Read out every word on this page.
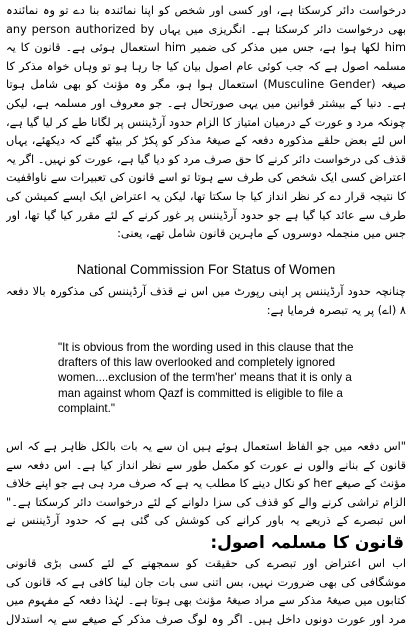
درخواست دائر کرسکتا ہے، اور کسی اور شخص کو اپنا نمائندہ بنا دے تو وہ نمائندہ بھی درخواست دائر کرسکتا ہے۔ انگریزی میں یہاں any person authorized by him لکھا ہوا ہے، جس میں مذکر کی ضمیر him استعمال ہوئی ہے۔ قانون کا یہ مسلمہ اصول ہے کہ جب کوئی عام اصول بیان کیا جا رہا ہو تو وہاں خواہ مذکر کا صیغہ (Musculine Gender) استعمال ہوا ہو، مگر وہ مؤنث کو بھی شامل ہوتا ہے۔ دنیا کے بیشتر قوانین میں یہی صورتحال ہے۔ جو معروف اور مسلمہ ہے، لیکن چونکہ مرد و عورت کے درمیان امتیاز کا الزام حدود آرڈیننس پر لگانا طے کر لیا گیا ہے، اس لئے بعض حلقے مذکورہ دفعہ کے صیغۂ مذکر کو پکڑ کر بیٹھ گئے کہ دیکھئے، یہاں قذف کی درخواست دائر کرنے کا حق صرف مرد کو دیا گیا ہے، عورت کو نہیں۔ اگر یہ اعتراض کسی ایک شخص کی طرف سے ہوتا تو اسے قانون کی تعبیرات سے ناواقفیت کا نتیجہ قرار دے کر نظر انداز کیا جا سکتا تھا، لیکن یہ اعتراض ایک ایسے کمیشن کی طرف سے عائد کیا گیا ہے جو حدود آرڈیننس پر غور کرنے کے لئے مقرر کیا گیا تھا، اور جس میں منجملہ دوسروں کے ماہرین قانون شامل تھے، یعنی:
National Commission For Status of Women
چنانچہ حدود آرڈیننس پر اپنی رپورٹ میں اس نے قذف آرڈیننس کی مذکورہ بالا دفعہ ۸ (اے) پر یہ تبصرہ فرمایا ہے:
"It is obvious from the wording used in this clause that the drafters of this law overlooked and completely ignored women....exclusion of the term'her' means that it is only a man against whom Qazf is committed is eligible to file a complaint."
"اس دفعہ میں جو الفاظ استعمال ہوئے ہیں ان سے یہ بات بالکل ظاہر ہے کہ اس قانون کے بنانے والوں نے عورت کو مکمل طور سے نظر انداز کیا ہے۔ اس دفعہ سے مؤنث کے صیغے her کو نکال دینے کا مطلب یہ ہے کہ صرف مرد ہی ہے جو اپنے خلاف الزام تراشی کرنے والے کو قذف کی سزا دلوانے کے لئے درخواست دائر کرسکتا ہے۔" اس تبصرے کے ذریعے یہ باور کرانے کی کوشش کی گئی ہے کہ حدود آرڈیننس نے
قانون کا مسلمہ اصول:
اب اس اعتراض اور تبصرے کی حقیقت کو سمجھنے کے لئے کسی بڑی قانونی موشگافی کی بھی ضرورت نہیں، بس اتنی سی بات جان لینا کافی ہے کہ قانون کی کتابوں میں صیغۂ مذکر سے مراد صیغۂ مؤنث بھی ہوتا ہے۔ لہٰذا دفعہ کے مفہوم میں مرد اور عورت دونوں داخل ہیں۔ اگر وہ لوگ صرف مذکر کے صیغے سے یہ استدلال
